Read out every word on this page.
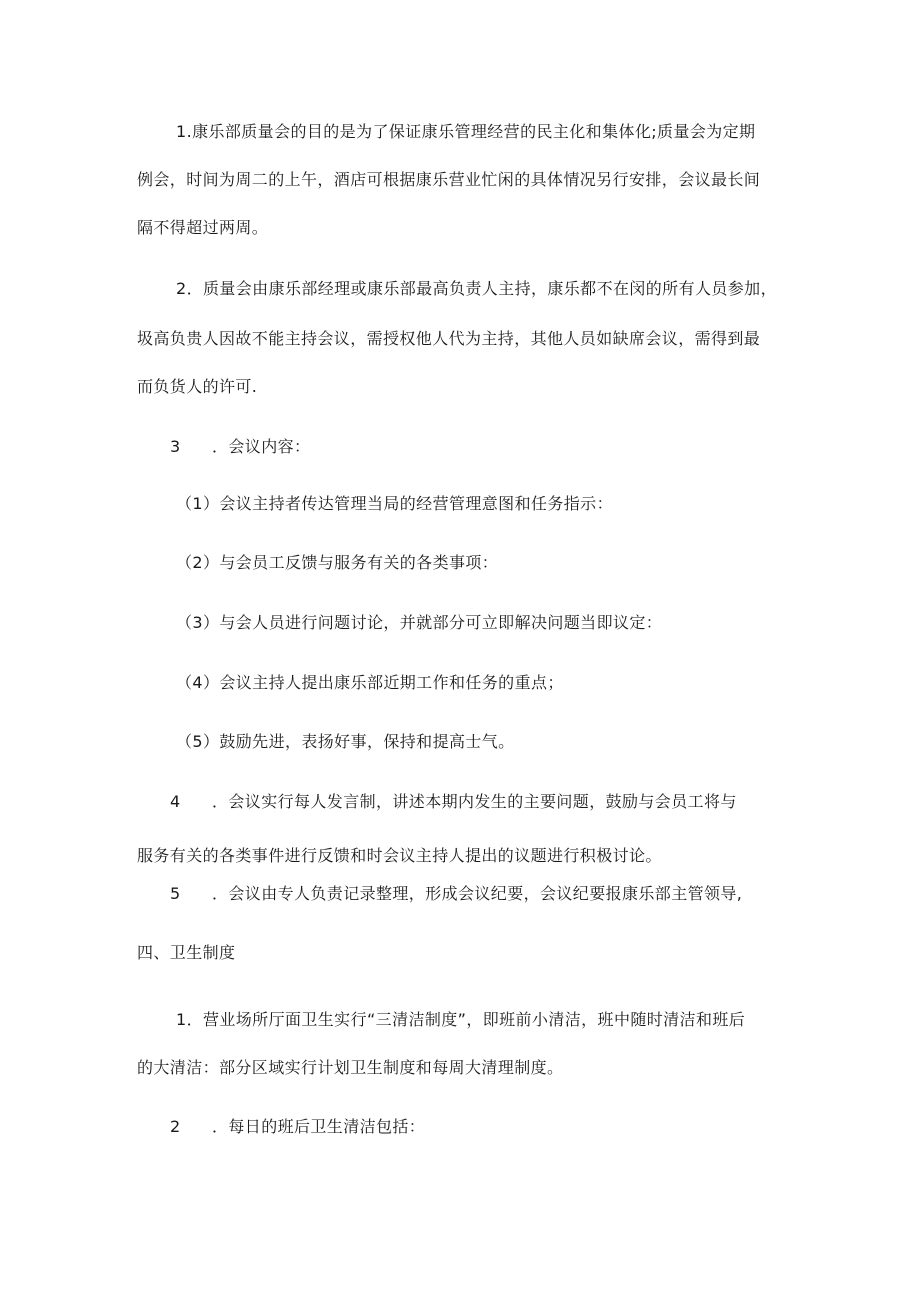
1.康乐部质量会的目的是为了保证康乐管理经营的民主化和集体化;质量会为定期
例会，时间为周二的上午，酒店可根据康乐营业忙闲的具体情况另行安排，会议最长间
隔不得超过两周。
2．质量会由康乐部经理或康乐部最高负责人主持，康乐都不在闵的所有人员参加，
圾高负贵人因故不能主持会议，需授权他人代为主持，其他人员如缺席会议，需得到最
而负货人的许可.
3 ．会议内容：
（1）会议主持者传达管理当局的经营管理意图和任务指示：
（2）与会员工反馈与服务有关的各类事项：
（3）与会人员进行问题讨论，并就部分可立即解决问题当即议定：
（4）会议主持人提出康乐部近期工作和任务的重点；
（5）鼓励先进，表扬好事，保持和提高士气。
4 ．会议实行每人发言制，讲述本期内发生的主要问题，鼓励与会员工将与
服务有关的各类事件进行反馈和时会议主持人提出的议题进行积极讨论。
5 ．会议由专人负责记录整理，形成会议纪要，会议纪要报康乐部主管领导,
四、卫生制度
1．营业场所厅面卫生实行“三清洁制度”，即班前小清洁，班中随时清洁和班后
的大清洁：部分区域实行计划卫生制度和每周大清理制度。
2 ．每日的班后卫生清洁包括：
